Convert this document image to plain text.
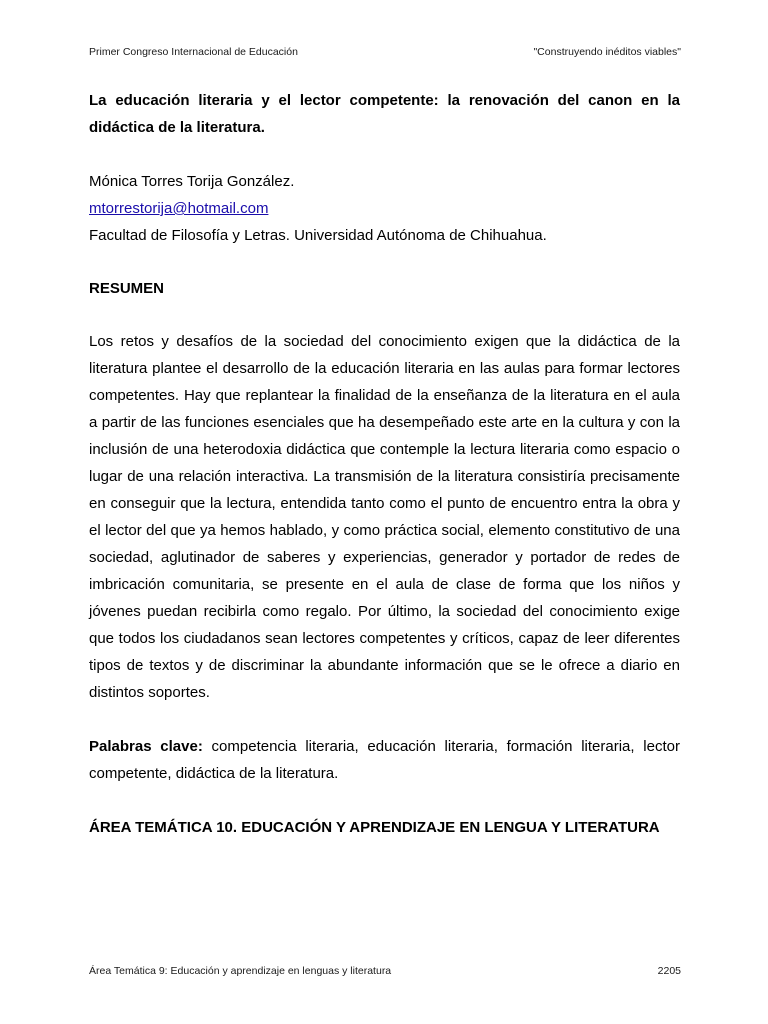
Primer Congreso Internacional de Educación	"Construyendo inéditos viables"

La educación literaria y el lector competente: la renovación del canon en la didáctica de la literatura.

Mónica Torres Torija González.
mtorrestorija@hotmail.com
Facultad de Filosofía y Letras. Universidad Autónoma de Chihuahua.
RESUMEN
Los retos y desafíos de la sociedad del conocimiento exigen que la didáctica de la literatura plantee el desarrollo de la educación literaria en las aulas para formar lectores competentes. Hay que replantear la finalidad de la enseñanza de la literatura en el aula a partir de las funciones esenciales que ha desempeñado este arte en la cultura y con la inclusión de una heterodoxia didáctica que contemple la lectura literaria como espacio o lugar de una relación interactiva. La transmisión de la literatura consistiría precisamente en conseguir que la lectura, entendida tanto como el punto de encuentro entra la obra y el lector del que ya hemos hablado, y como práctica social, elemento constitutivo de una sociedad, aglutinador de saberes y experiencias, generador y portador de redes de imbricación comunitaria, se presente en el aula de clase de forma que los niños y jóvenes puedan recibirla como regalo. Por último, la sociedad del conocimiento exige que todos los ciudadanos sean lectores competentes y críticos, capaz de leer diferentes tipos de textos y de discriminar la abundante información que se le ofrece a diario en distintos soportes.
Palabras clave: competencia literaria, educación literaria, formación literaria, lector competente, didáctica de la literatura.
ÁREA TEMÁTICA 10. EDUCACIÓN Y APRENDIZAJE EN LENGUA Y LITERATURA
Área Temática 9: Educación y aprendizaje en lenguas y literatura	2205
